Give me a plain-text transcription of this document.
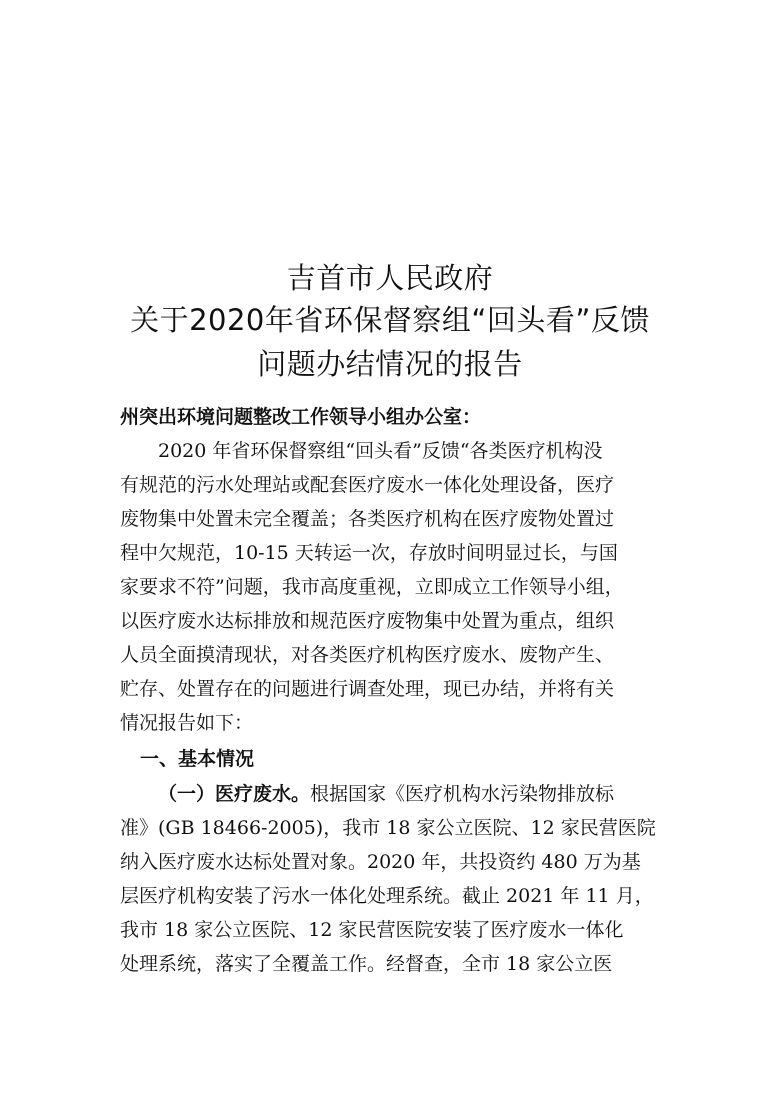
吉首市人民政府
关于2020年省环保督察组“回头看”反馈
问题办结情况的报告
州突出环境问题整改工作领导小组办公室：
2020 年省环保督察组“回头看”反馈“各类医疗机构没
有规范的污水处理站或配套医疗废水一体化处理设备，医疗
废物集中处置未完全覆盖；各类医疗机构在医疗废物处置过
程中欠规范，10-15 天转运一次，存放时间明显过长，与国
家要求不符”问题，我市高度重视，立即成立工作领导小组，
以医疗废水达标排放和规范医疗废物集中处置为重点，组织
人员全面摸清现状，对各类医疗机构医疗废水、废物产生、
贮存、处置存在的问题进行调查处理，现已办结，并将有关
情况报告如下：
一、基本情况
（一）医疗废水。根据国家《医疗机构水污染物排放标
准》(GB 18466-2005)，我市 18 家公立医院、12 家民营医院
纳入医疗废水达标处置对象。2020 年，共投资约 480 万为基
层医疗机构安装了污水一体化处理系统。截止 2021 年 11 月，
我市 18 家公立医院、12 家民营医院安装了医疗废水一体化
处理系统，落实了全覆盖工作。经督查，全市 18 家公立医
